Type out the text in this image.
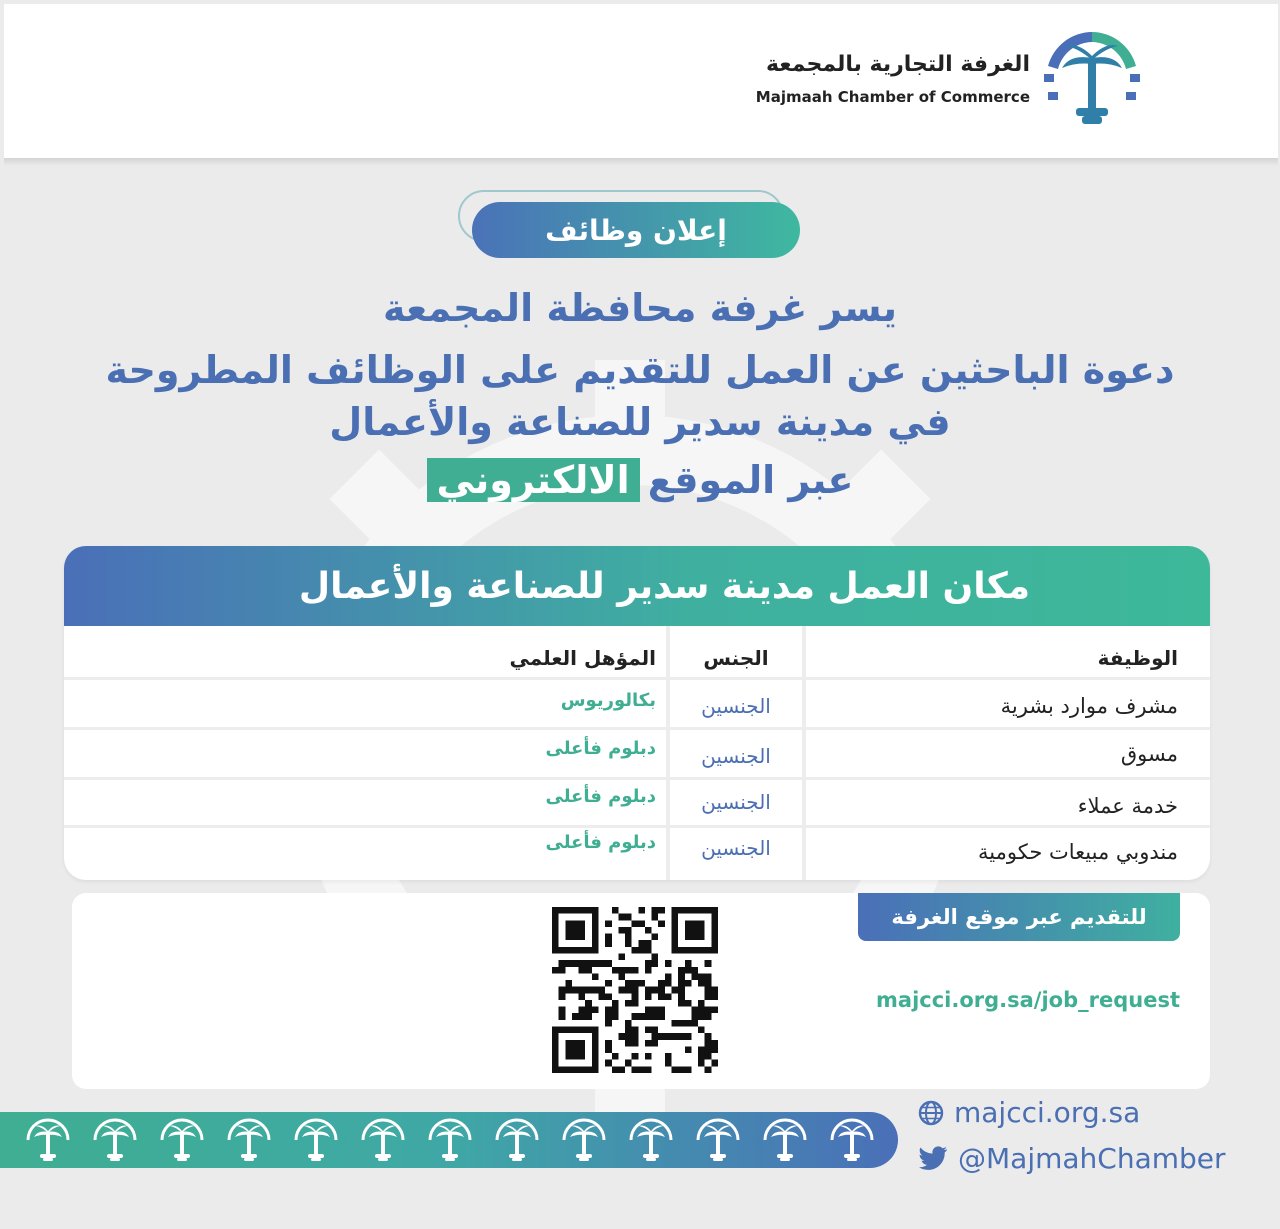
الغرفة التجارية بالمجمعة
Majmaah Chamber of Commerce
إعلان وظائف
يسر غرفة محافظة المجمعة
دعوة الباحثين عن العمل للتقديم على الوظائف المطروحة
في مدينة سدير للصناعة والأعمال
عبر الموقعالالكتروني
مكان العمل مدينة سدير للصناعة والأعمال
الوظيفة
الجنس
المؤهل العلمي
مشرف موارد بشرية
الجنسين
بكالوريوس
مسوق
الجنسين
دبلوم فأعلى
خدمة عملاء
الجنسين
دبلوم فأعلى
مندوبي مبيعات حكومية
الجنسين
دبلوم فأعلى
للتقديم عبر موقع الغرفة
majcci.org.sa/job_request
majcci.org.sa
@MajmahChamber
